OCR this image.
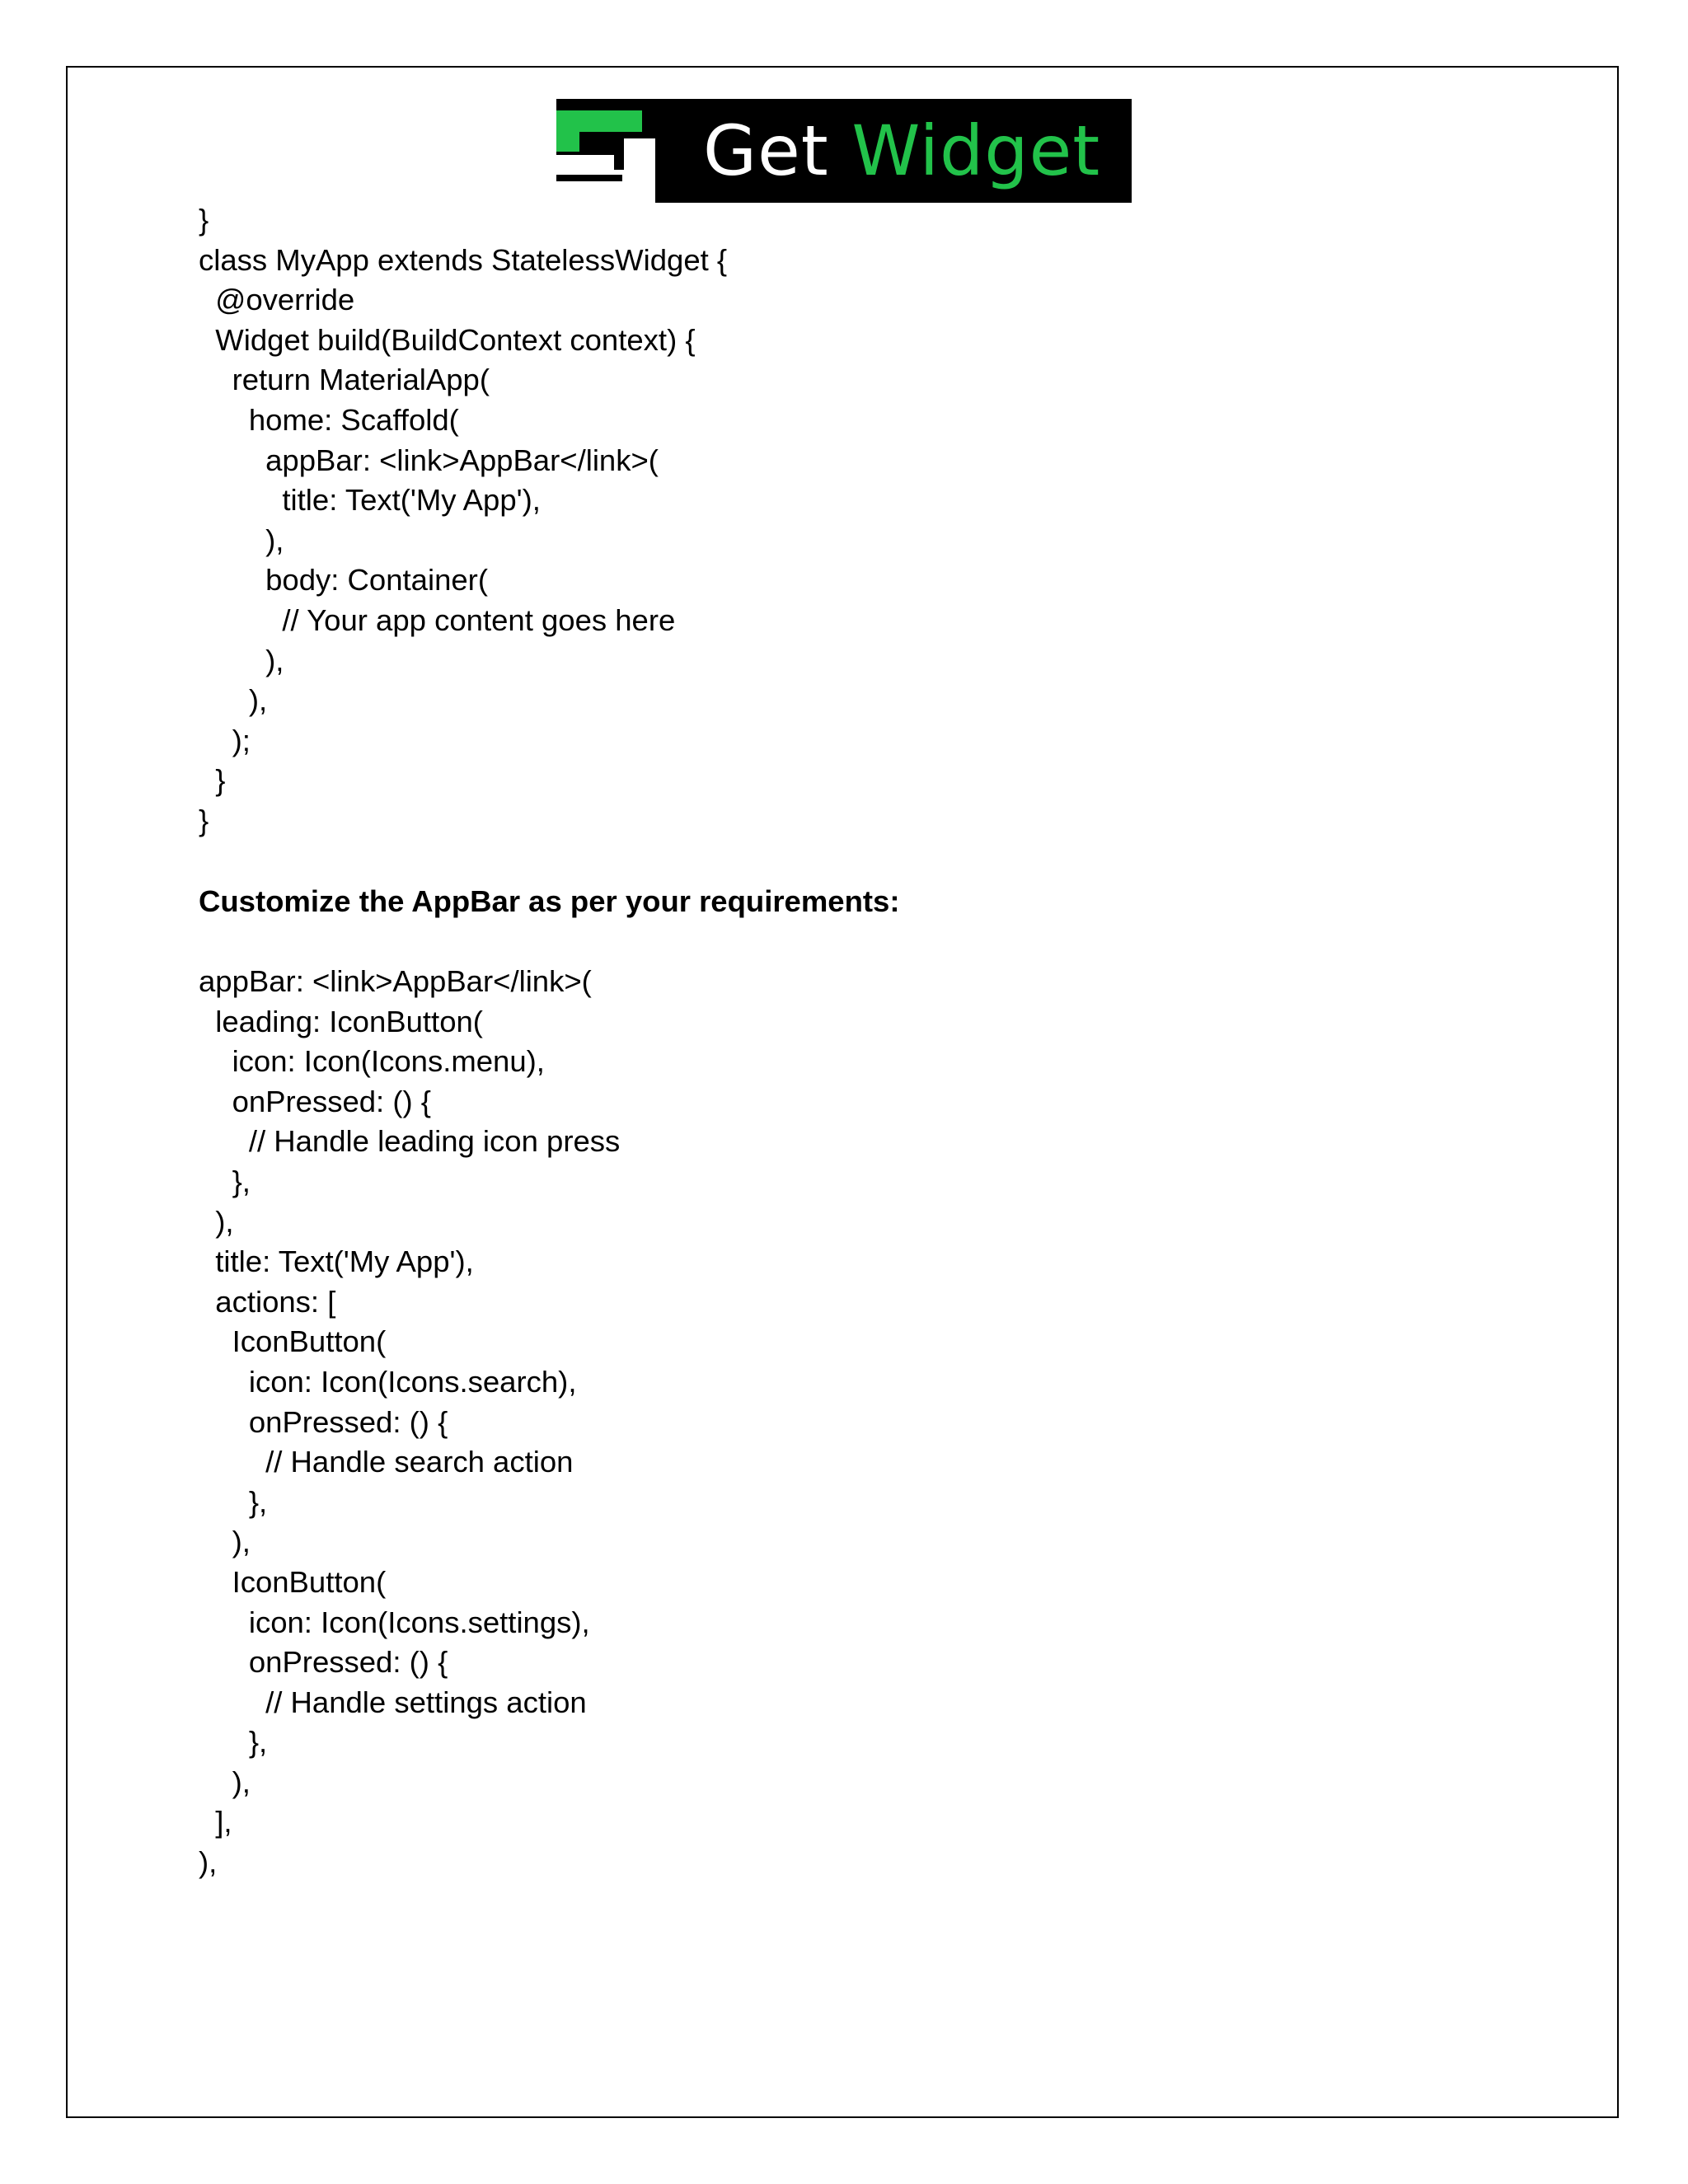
Get Widget
}
class MyApp extends StatelessWidget {
@override
Widget build(BuildContext context) {
return MaterialApp(
home: Scaffold(
appBar: <link>AppBar</link>(
title: Text('My App'),
),
body: Container(
// Your app content goes here
),
),
);
}
}
Customize the AppBar as per your requirements:
appBar: <link>AppBar</link>(
leading: IconButton(
icon: Icon(Icons.menu),
onPressed: () {
// Handle leading icon press
},
),
title: Text('My App'),
actions: [
IconButton(
icon: Icon(Icons.search),
onPressed: () {
// Handle search action
},
),
IconButton(
icon: Icon(Icons.settings),
onPressed: () {
// Handle settings action
},
),
],
),
